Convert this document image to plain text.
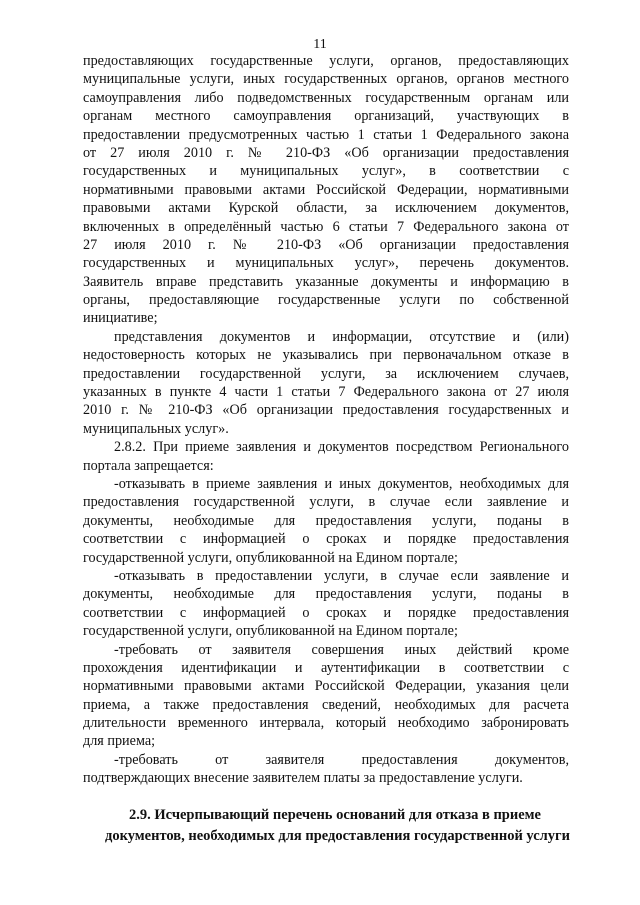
11
предоставляющих государственные услуги, органов, предоставляющих
муниципальные услуги, иных государственных органов, органов местного
самоуправления либо подведомственных государственным органам или
органам местного самоуправления организаций, участвующих в
предоставлении предусмотренных частью 1 статьи 1 Федерального закона
от 27 июля 2010 г. № 210-ФЗ «Об организации предоставления
государственных и муниципальных услуг», в соответствии с
нормативными правовыми актами Российской Федерации, нормативными
правовыми актами Курской области, за исключением документов,
включенных в определённый частью 6 статьи 7 Федерального закона от
27 июля 2010 г. № 210-ФЗ «Об организации предоставления
государственных и муниципальных услуг», перечень документов.
Заявитель вправе представить указанные документы и информацию в
органы, предоставляющие государственные услуги по собственной
инициативе;
представления документов и информации, отсутствие и (или)
недостоверность которых не указывались при первоначальном отказе в
предоставлении государственной услуги, за исключением случаев,
указанных в пункте 4 части 1 статьи 7 Федерального закона от 27 июля
2010 г. № 210-ФЗ «Об организации предоставления государственных и
муниципальных услуг».
2.8.2. При приеме заявления и документов посредством Регионального
портала запрещается:
-отказывать в приеме заявления и иных документов, необходимых для
предоставления государственной услуги, в случае если заявление и
документы, необходимые для предоставления услуги, поданы в
соответствии с информацией о сроках и порядке предоставления
государственной услуги, опубликованной на Едином портале;
-отказывать в предоставлении услуги, в случае если заявление и
документы, необходимые для предоставления услуги, поданы в
соответствии с информацией о сроках и порядке предоставления
государственной услуги, опубликованной на Едином портале;
-требовать от заявителя совершения иных действий кроме
прохождения идентификации и аутентификации в соответствии с
нормативными правовыми актами Российской Федерации, указания цели
приема, а также предоставления сведений, необходимых для расчета
длительности временного интервала, который необходимо забронировать
для приема;
-требовать от заявителя предоставления документов,
подтверждающих внесение заявителем платы за предоставление услуги.
2.9. Исчерпывающий перечень оснований для отказа в приеме
документов, необходимых для предоставления государственной услуги
